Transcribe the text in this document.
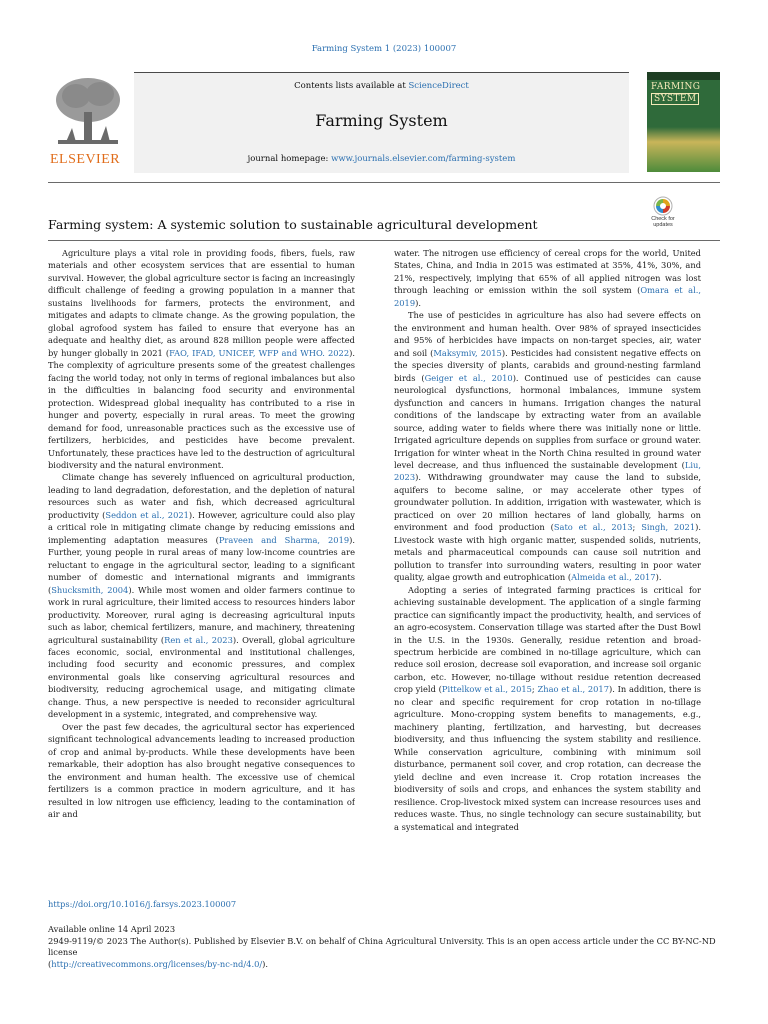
Farming System 1 (2023) 100007
ELSEVIER
Contents lists available at ScienceDirect
Farming System
journal homepage: www.journals.elsevier.com/farming-system
FARMING
SYSTEM
Farming system: A systemic solution to sustainable agricultural development	Check for
updates

Agriculture plays a vital role in providing foods, fibers, fuels, raw materials and other ecosystem services that are essential to human survival. However, the global agriculture sector is facing an increasingly difficult challenge of feeding a growing population in a manner that sustains livelihoods for farmers, protects the environment, and mitigates and adapts to climate change. As the growing population, the global agrofood system has failed to ensure that everyone has an adequate and healthy diet, as around 828 million people were affected by hunger globally in 2021 (FAO, IFAD, UNICEF, WFP and WHO. 2022). The complexity of agriculture presents some of the greatest challenges facing the world today, not only in terms of regional imbalances but also in the difficulties in balancing food security and environmental protection. Widespread global inequality has contributed to a rise in hunger and poverty, especially in rural areas. To meet the growing demand for food, unreasonable practices such as the excessive use of fertilizers, herbicides, and pesticides have become prevalent. Unfortunately, these practices have led to the destruction of agricultural biodiversity and the natural environment.

Climate change has severely influenced on agricultural production, leading to land degradation, deforestation, and the depletion of natural resources such as water and fish, which decreased agricultural productivity (Seddon et al., 2021). However, agriculture could also play a critical role in mitigating climate change by reducing emissions and implementing adaptation measures (Praveen and Sharma, 2019). Further, young people in rural areas of many low-income countries are reluctant to engage in the agricultural sector, leading to a significant number of domestic and international migrants and immigrants (Shucksmith, 2004). While most women and older farmers continue to work in rural agriculture, their limited access to resources hinders labor productivity. Moreover, rural aging is decreasing agricultural inputs such as labor, chemical fertilizers, manure, and machinery, threatening agricultural sustainability (Ren et al., 2023). Overall, global agriculture faces economic, social, environmental and institutional challenges, including food security and economic pressures, and complex environmental goals like conserving agricultural resources and biodiversity, reducing agrochemical usage, and mitigating climate change. Thus, a new perspective is needed to reconsider agricultural development in a systemic, integrated, and comprehensive way.

Over the past few decades, the agricultural sector has experienced significant technological advancements leading to increased production of crop and animal by-products. While these developments have been remarkable, their adoption has also brought negative consequences to the environment and human health. The excessive use of chemical fertilizers is a common practice in modern agriculture, and it has resulted in low nitrogen use efficiency, leading to the contamination of air and

water. The nitrogen use efficiency of cereal crops for the world, United States, China, and India in 2015 was estimated at 35%, 41%, 30%, and 21%, respectively, implying that 65% of all applied nitrogen was lost through leaching or emission within the soil system (Omara et al., 2019).

The use of pesticides in agriculture has also had severe effects on the environment and human health. Over 98% of sprayed insecticides and 95% of herbicides have impacts on non-target species, air, water and soil (Maksymiv, 2015). Pesticides had consistent negative effects on the species diversity of plants, carabids and ground-nesting farmland birds (Geiger et al., 2010). Continued use of pesticides can cause neurological dysfunctions, hormonal imbalances, immune system dysfunction and cancers in humans. Irrigation changes the natural conditions of the landscape by extracting water from an available source, adding water to fields where there was initially none or little. Irrigated agriculture depends on supplies from surface or ground water. Irrigation for winter wheat in the North China resulted in ground water level decrease, and thus influenced the sustainable development (Liu, 2023). Withdrawing groundwater may cause the land to subside, aquifers to become saline, or may accelerate other types of groundwater pollution. In addition, irrigation with wastewater, which is practiced on over 20 million hectares of land globally, harms on environment and food production (Sato et al., 2013; Singh, 2021). Livestock waste with high organic matter, suspended solids, nutrients, metals and pharmaceutical compounds can cause soil nutrition and pollution to transfer into surrounding waters, resulting in poor water quality, algae growth and eutrophication (Almeida et al., 2017).

Adopting a series of integrated farming practices is critical for achieving sustainable development. The application of a single farming practice can significantly impact the productivity, health, and services of an agro-ecosystem. Conservation tillage was started after the Dust Bowl in the U.S. in the 1930s. Generally, residue retention and broad-spectrum herbicide are combined in no-tillage agriculture, which can reduce soil erosion, decrease soil evaporation, and increase soil organic carbon, etc. However, no-tillage without residue retention decreased crop yield (Pittelkow et al., 2015; Zhao et al., 2017). In addition, there is no clear and specific requirement for crop rotation in no-tillage agriculture. Mono-cropping system benefits to managements, e.g., machinery planting, fertilization, and harvesting, but decreases biodiversity, and thus influencing the system stability and resilience. While conservation agriculture, combining with minimum soil disturbance, permanent soil cover, and crop rotation, can decrease the yield decline and even increase it. Crop rotation increases the biodiversity of soils and crops, and enhances the system stability and resilience. Crop-livestock mixed system can increase resources uses and reduces waste. Thus, no single technology can secure sustainability, but a systematical and integrated

https://doi.org/10.1016/j.farsys.2023.100007
Available online 14 April 2023
2949-9119/© 2023 The Author(s). Published by Elsevier B.V. on behalf of China Agricultural University. This is an open access article under the CC BY-NC-ND license
(http://creativecommons.org/licenses/by-nc-nd/4.0/).
